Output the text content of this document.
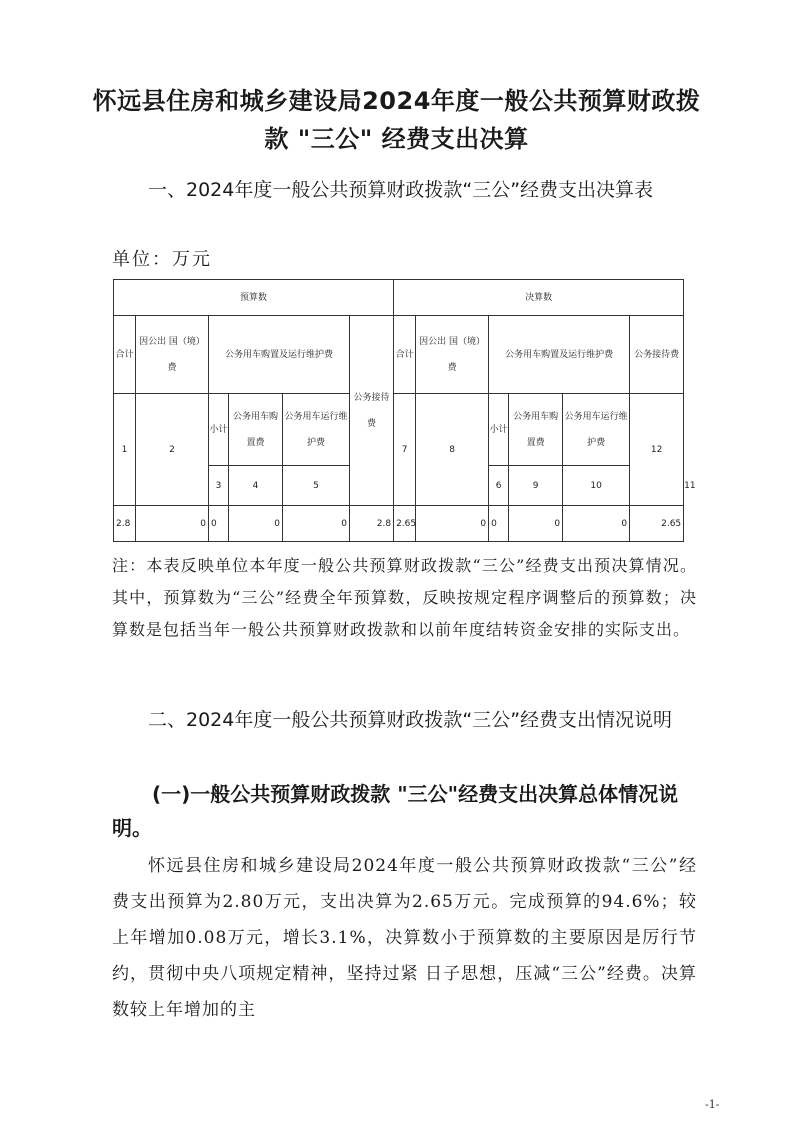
怀远县住房和城乡建设局2024年度一般公共预算财政拨款 "三公" 经费支出决算
一、2024年度一般公共预算财政拨款“三公”经费支出决算表
单位：万元
预算数						决算数						
合计	因公出 国（境）费	公务用车购置及运行维护费			公务接待费	合计	因公出 国（境）费	公务用车购置及运行维护费			公务接待费	
1	2	小计	公务用车购置费	公务用车运行维护费		7	8	小计	公务用车购置费	公务用车运行维护费	12	
		3	4	5				6	9	10		11
2.8	0	0	0	0	2.8	2.65	0	0	0	0	2.65	
注：本表反映单位本年度一般公共预算财政拨款“三公”经费支出预决算情况。其中，预算数为“三公”经费全年预算数，反映按规定程序调整后的预算数；决算数是包括当年一般公共预算财政拨款和以前年度结转资金安排的实际支出。
二、2024年度一般公共预算财政拨款“三公”经费支出情况说明
(一)一般公共预算财政拨款 "三公"经费支出决算总体情况说明。
怀远县住房和城乡建设局2024年度一般公共预算财政拨款“三公”经费支出预算为2.80万元，支出决算为2.65万元。完成预算的94.6%；较上年增加0.08万元，增长3.1%，决算数小于预算数的主要原因是厉行节约，贯彻中央八项规定精神，坚持过紧 日子思想，压减“三公”经费。决算数较上年增加的主
-1-
